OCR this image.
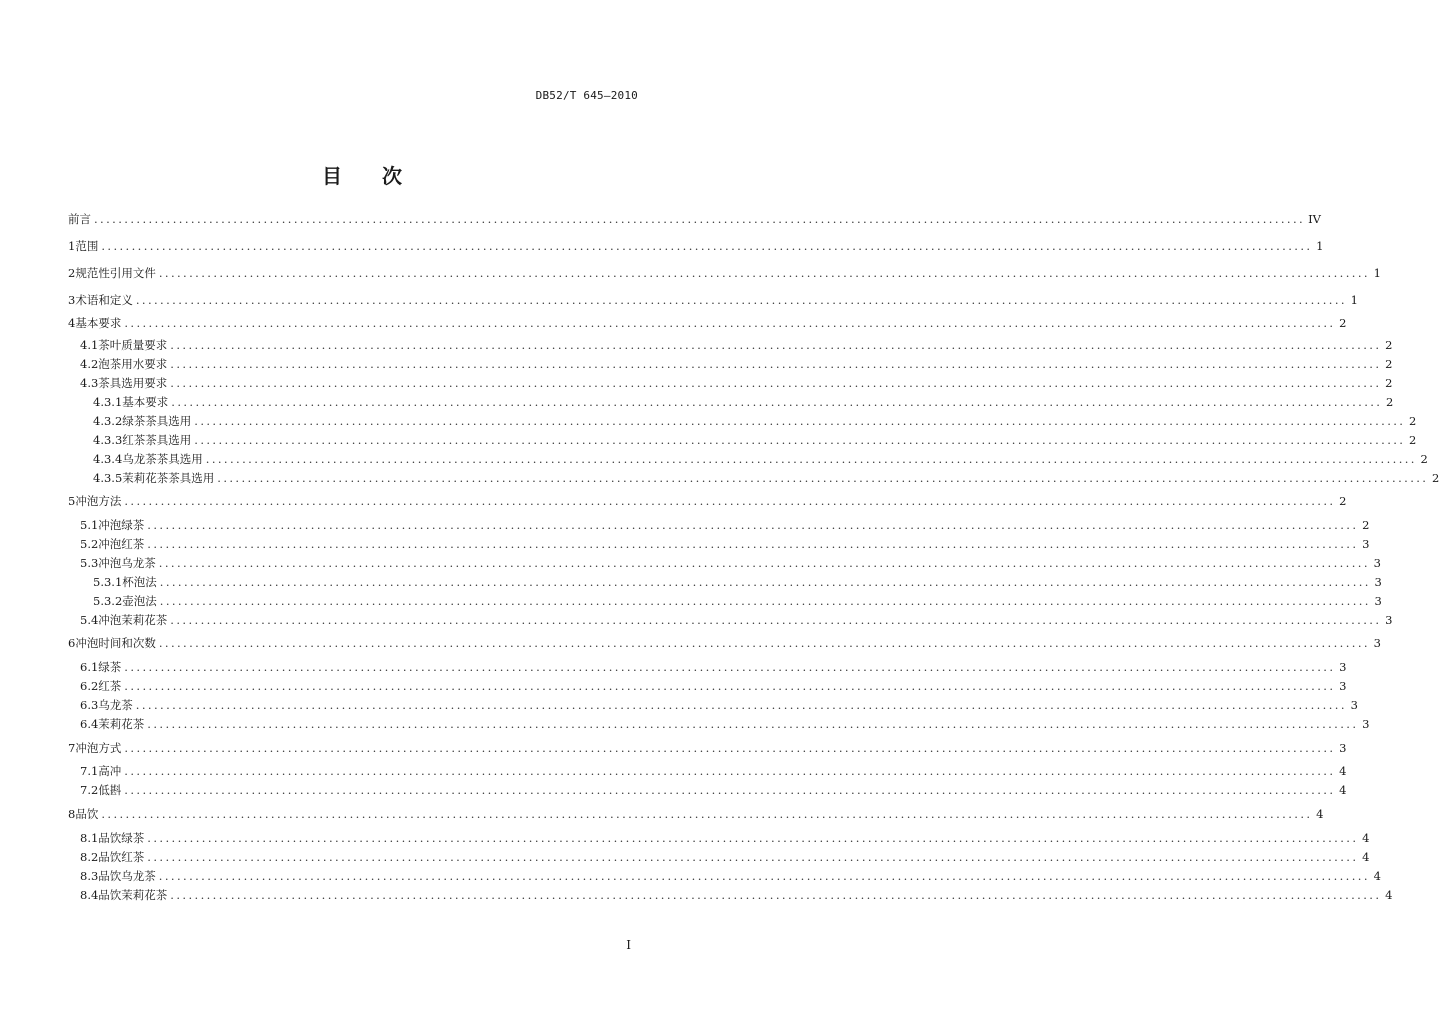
DB52/T 645—2010
目 次
前言 ........................................................................................................................................................................................................ IV
1 范围 ........................................................................................................................................................................................................ 1
2 规范性引用文件 ........................................................................................................................................................................................................ 1
3 术语和定义 ........................................................................................................................................................................................................ 1
4 基本要求 ........................................................................................................................................................................................................ 2
4.1 茶叶质量要求 ........................................................................................................................................................................................................ 2
4.2 泡茶用水要求 ........................................................................................................................................................................................................ 2
4.3 茶具选用要求 ........................................................................................................................................................................................................ 2
4.3.1 基本要求 ........................................................................................................................................................................................................ 2
4.3.2 绿茶茶具选用 ........................................................................................................................................................................................................ 2
4.3.3 红茶茶具选用 ........................................................................................................................................................................................................ 2
4.3.4 乌龙茶茶具选用 ........................................................................................................................................................................................................ 2
4.3.5 茉莉花茶茶具选用 ........................................................................................................................................................................................................ 2
5 冲泡方法 ........................................................................................................................................................................................................ 2
5.1 冲泡绿茶 ........................................................................................................................................................................................................ 2
5.2 冲泡红茶 ........................................................................................................................................................................................................ 3
5.3 冲泡乌龙茶 ........................................................................................................................................................................................................ 3
5.3.1 杯泡法 ........................................................................................................................................................................................................ 3
5.3.2 壶泡法 ........................................................................................................................................................................................................ 3
5.4 冲泡茉莉花茶 ........................................................................................................................................................................................................ 3
6 冲泡时间和次数 ........................................................................................................................................................................................................ 3
6.1 绿茶 ........................................................................................................................................................................................................ 3
6.2 红茶 ........................................................................................................................................................................................................ 3
6.3 乌龙茶 ........................................................................................................................................................................................................ 3
6.4 茉莉花茶 ........................................................................................................................................................................................................ 3
7 冲泡方式 ........................................................................................................................................................................................................ 3
7.1 高冲 ........................................................................................................................................................................................................ 4
7.2 低斟 ........................................................................................................................................................................................................ 4
8 品饮 ........................................................................................................................................................................................................ 4
8.1 品饮绿茶 ........................................................................................................................................................................................................ 4
8.2 品饮红茶 ........................................................................................................................................................................................................ 4
8.3 品饮乌龙茶 ........................................................................................................................................................................................................ 4
8.4 品饮茉莉花茶 ........................................................................................................................................................................................................ 4
I
